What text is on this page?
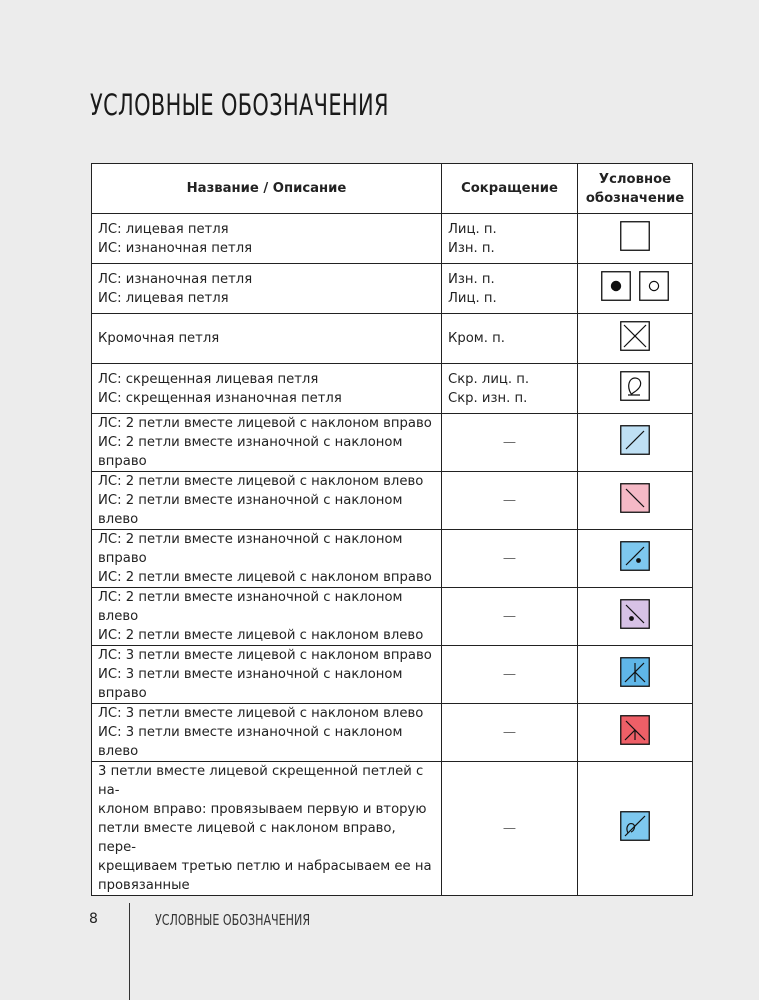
УСЛОВНЫЕ ОБОЗНАЧЕНИЯ
Название / Описание	Сокращение	Условное
обозначение
ЛС: лицевая петля
ИС: изнаночная петля	Лиц. п.
Изн. п.	

ЛС: изнаночная петля
ИС: лицевая петля	Изн. п.
Лиц. п.	

Кромочная петля	Кром. п.	

ЛС: скрещенная лицевая петля
ИС: скрещенная изнаночная петля	Скр. лиц. п.
Скр. изн. п.	

ЛС: 2 петли вместе лицевой с наклоном вправо
ИС: 2 петли вместе изнаночной с наклоном вправо	—	

ЛС: 2 петли вместе лицевой с наклоном влево
ИС: 2 петли вместе изнаночной с наклоном влево	—	

ЛС: 2 петли вместе изнаночной с наклоном вправо
ИС: 2 петли вместе лицевой с наклоном вправо	—	

ЛС: 2 петли вместе изнаночной с наклоном влево
ИС: 2 петли вместе лицевой с наклоном влево	—	

ЛС: 3 петли вместе лицевой с наклоном вправо
ИС: 3 петли вместе изнаночной с наклоном вправо	—	

ЛС: 3 петли вместе лицевой с наклоном влево
ИС: 3 петли вместе изнаночной с наклоном влево	—	

3 петли вместе лицевой скрещенной петлей с на-
клоном вправо: провязываем первую и вторую
петли вместе лицевой с наклоном вправо, пере-
крещиваем третью петлю и набрасываем ее на
провязанные	—	
8	УСЛОВНЫЕ ОБОЗНАЧЕНИЯ
